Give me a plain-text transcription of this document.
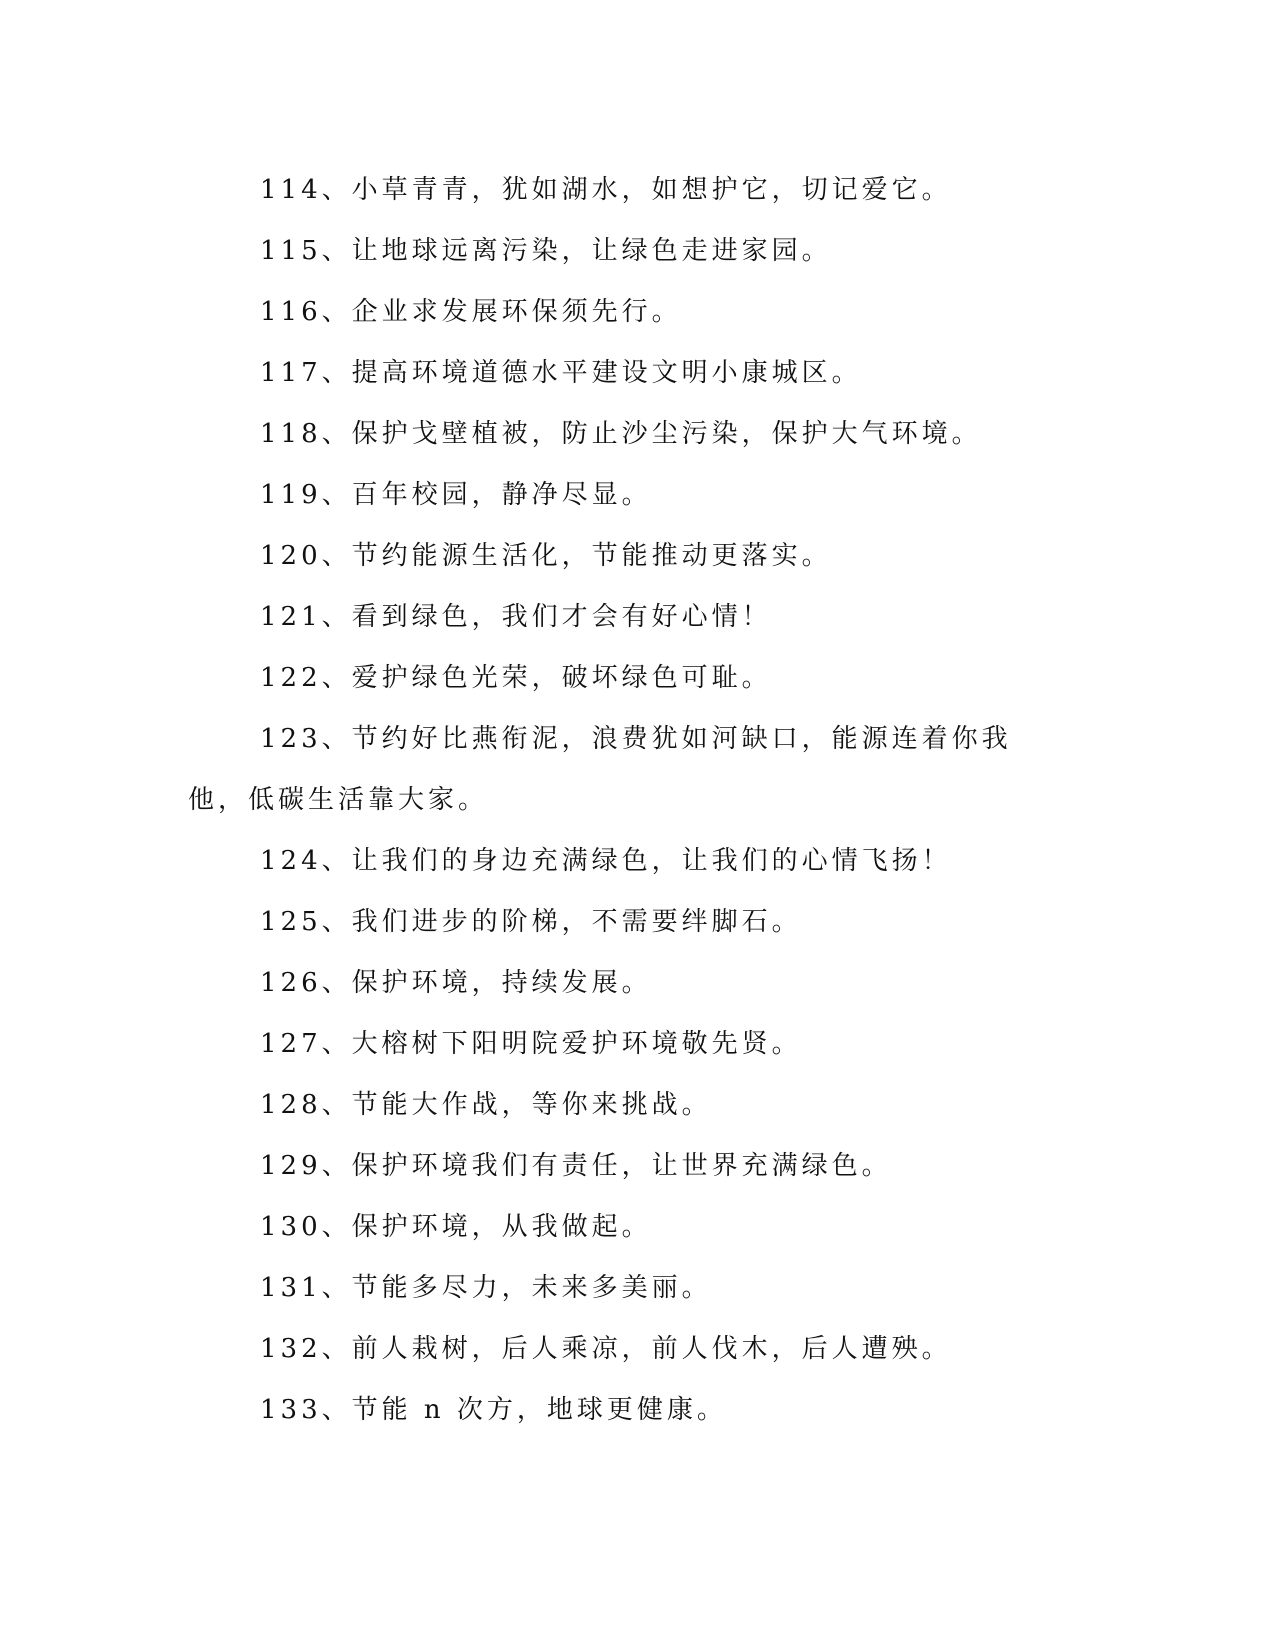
114、小草青青，犹如湖水，如想护它，切记爱它。

115、让地球远离污染，让绿色走进家园。

116、企业求发展环保须先行。

117、提高环境道德水平建设文明小康城区。

118、保护戈壁植被，防止沙尘污染，保护大气环境。

119、百年校园，静净尽显。

120、节约能源生活化，节能推动更落实。

121、看到绿色，我们才会有好心情！

122、爱护绿色光荣，破坏绿色可耻。

123、节约好比燕衔泥，浪费犹如河缺口，能源连着你我他，低碳生活靠大家。

124、让我们的身边充满绿色，让我们的心情飞扬！

125、我们进步的阶梯，不需要绊脚石。

126、保护环境，持续发展。

127、大榕树下阳明院爱护环境敬先贤。

128、节能大作战，等你来挑战。

129、保护环境我们有责任，让世界充满绿色。

130、保护环境，从我做起。

131、节能多尽力，未来多美丽。

132、前人栽树，后人乘凉，前人伐木，后人遭殃。

133、节能 n 次方，地球更健康。
